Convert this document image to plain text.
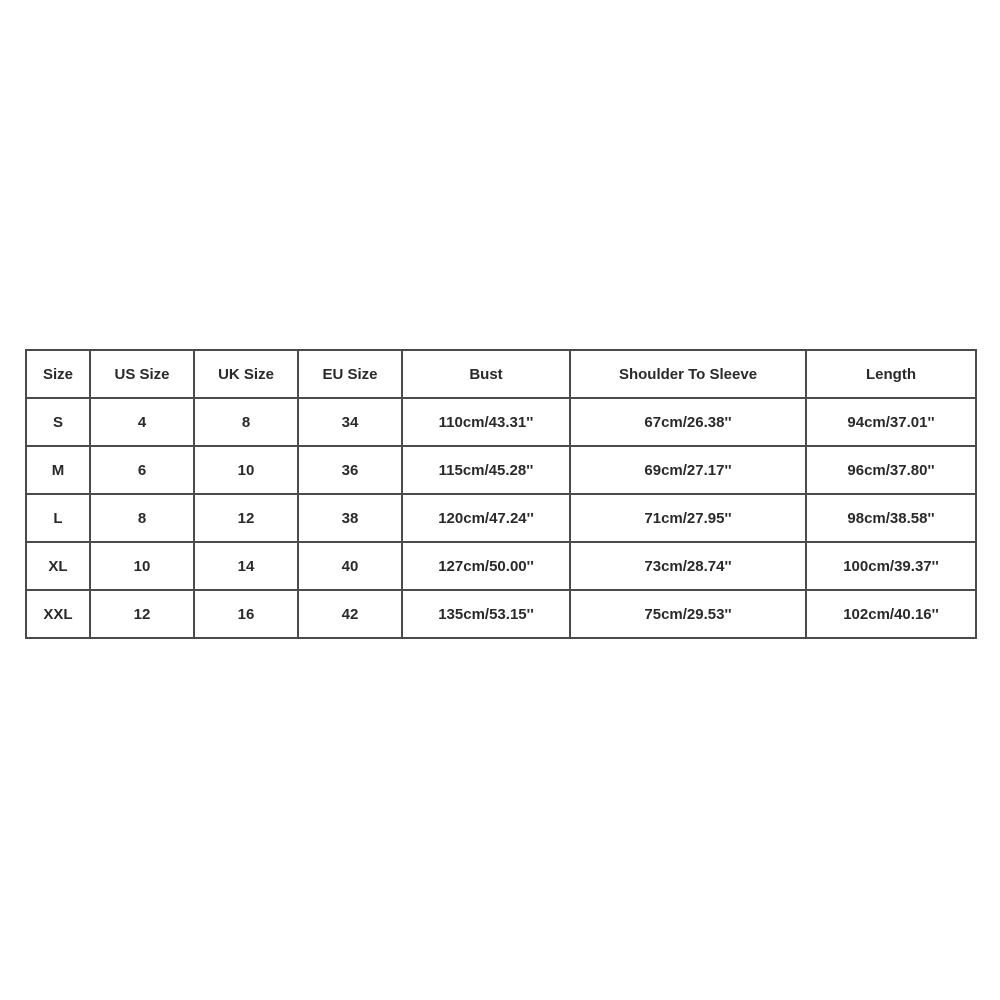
Size	US Size	UK Size	EU Size	Bust	Shoulder To Sleeve	Length
S	4	8	34	110cm/43.31''	67cm/26.38''	94cm/37.01''
M	6	10	36	115cm/45.28''	69cm/27.17''	96cm/37.80''
L	8	12	38	120cm/47.24''	71cm/27.95''	98cm/38.58''
XL	10	14	40	127cm/50.00''	73cm/28.74''	100cm/39.37''
XXL	12	16	42	135cm/53.15''	75cm/29.53''	102cm/40.16''
